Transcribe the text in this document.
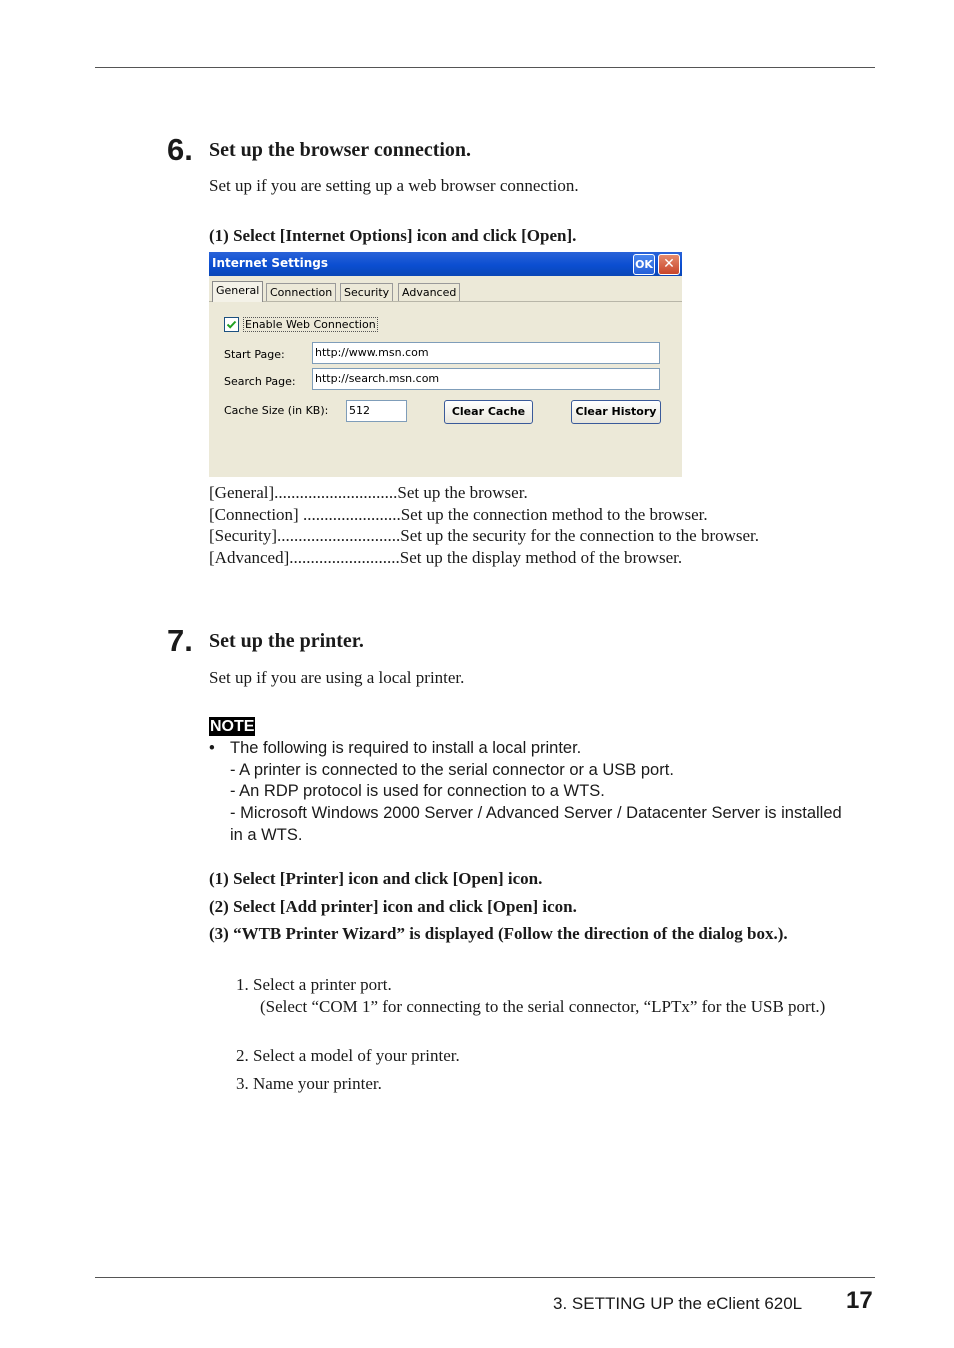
6. Set up the browser connection.
Set up if you are setting up a web browser connection.
(1) Select [Internet Options] icon and click [Open].
Internet Settings	OK ✕
General Connection	Security	Advanced
Enable Web Connection
Start Page:	http://www.msn.com
Search Page: http://search.msn.com
Cache Size (in KB): 512	Clear Cache	Clear History
[General].............................Set up the browser.
[Connection] .......................Set up the connection method to the browser.
[Security].............................Set up the security for the connection to the browser.
[Advanced]..........................Set up the display method of the browser.
7. Set up the printer.
Set up if you are using a local printer.
NOTE
• The following is required to install a local printer.
- A printer is connected to the serial connector or a USB port.
- An RDP protocol is used for connection to a WTS.
- Microsoft Windows 2000 Server / Advanced Server / Datacenter Server is installed in a WTS.
(1) Select [Printer] icon and click [Open] icon.
(2) Select [Add printer] icon and click [Open] icon.
(3) “WTB Printer Wizard” is displayed (Follow the direction of the dialog box.).
1. Select a printer port.
(Select “COM 1” for connecting to the serial connector, “LPTx” for the USB port.)
2. Select a model of your printer.
3. Name your printer.
3. SETTING UP the eClient 620L 17
